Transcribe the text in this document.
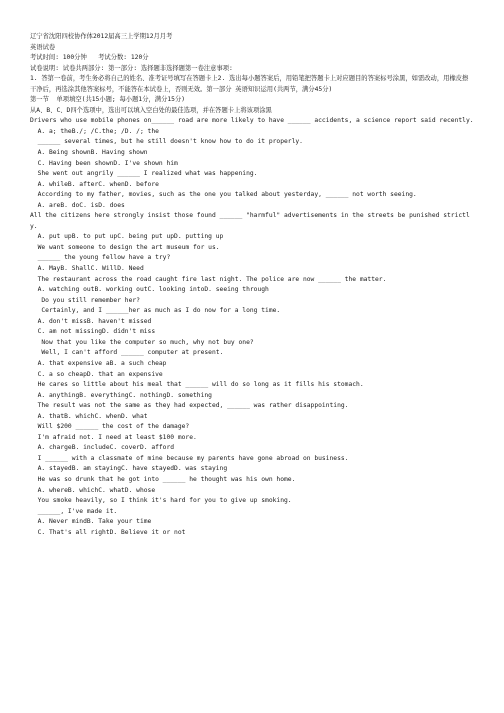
辽宁省沈阳四校协作体2012届高三上学期12月月考
英语试卷
考试时间: 100分钟   考试分数: 120分
试卷说明: 试卷共两部分: 第一部分: 选择题非选择题第一卷注意事项:
1. 答第一卷前，考生务必将自己的姓名、准考证号填写在答题卡上2. 选出每小题答案后，用铅笔把答题卡上对应题目的答案标号涂黑，如需改动，用橡皮擦干净后，再选涂其他答案标号，不能答在本试卷上，否则无效。第一部分 英语知识运用(共两节，满分45分)
第一节  单项填空(共15小题; 每小题1分，满分15分)
从A、B、C、D四个选项中，选出可以填入空白处的最佳选项，并在答题卡上将该项涂黑
Drivers who use mobile phones on______ road are more likely to have ______ accidents, a science report said recently.
A. a; theB./; /C.the; /D. /; the
______ several times, but he still doesn't know how to do it properly.
A. Being shownB. Having shown
C. Having been shownD. I've shown him
She went out angrily ______ I realized what was happening.
A. whileB. afterC. whenD. before
According to my father, movies, such as the one you talked about yesterday, ______ not worth seeing.
A. areB. doC. isD. does
All the citizens here strongly insist those found ______ "harmful" advertisements in the streets be punished strictly.
A. put upB. to put upC. being put upD. putting up
We want someone to design the art museum for us.
______ the young fellow have a try?
A. MayB. ShallC. WillD. Need
The restaurant across the road caught fire last night. The police are now ______ the matter.
A. watching outB. working outC. looking intoD. seeing through
Do you still remember her?
Certainly, and I ______her as much as I do now for a long time.
A. don't missB. haven't missed
C. am not missingD. didn't miss
Now that you like the computer so much, why not buy one?
Well, I can't afford ______ computer at present.
A. that expensive aB. a such cheap
C. a so cheapD. that an expensive
He cares so little about his meal that ______ will do so long as it fills his stomach.
A. anythingB. everythingC. nothingD. something
The result was not the same as they had expected, ______ was rather disappointing.
A. thatB. whichC. whenD. what
Will $200 ______ the cost of the damage?
I'm afraid not. I need at least $100 more.
A. chargeB. includeC. coverD. afford
I ______ with a classmate of mine because my parents have gone abroad on business.
A. stayedB. am stayingC. have stayedD. was staying
He was so drunk that he got into ______ he thought was his own home.
A. whereB. whichC. whatD. whose
You smoke heavily, so I think it's hard for you to give up smoking.
______, I've made it.
A. Never mindB. Take your time
C. That's all rightD. Believe it or not
